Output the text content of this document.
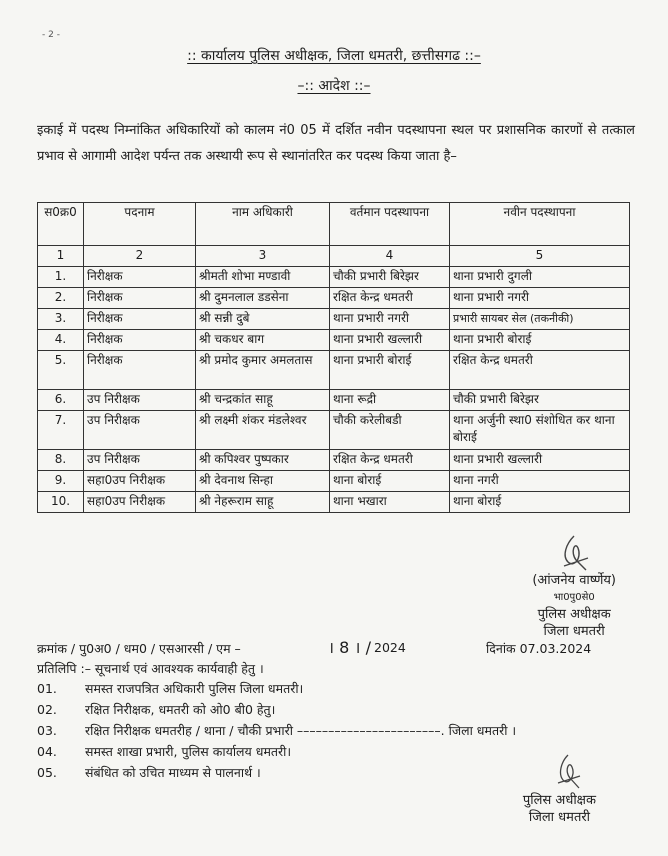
- 2 -
:: कार्यालय पुलिस अधीक्षक, जिला धमतरी, छत्तीसगढ ::–
–:: आदेश ::–
इकाई में पदस्थ निम्नांकित अधिकारियों को कालम नं0 05 में दर्शित नवीन पदस्थापना स्थल पर प्रशासनिक कारणों से तत्काल प्रभाव से आगामी आदेश पर्यन्त तक अस्थायी रूप से स्थानांतरित कर पदस्थ किया जाता है–
स0क्र0	पदनाम	नाम अधिकारी	वर्तमान पदस्थापना	नवीन पदस्थापना
1	2	3	4	5
1.	निरीक्षक	श्रीमती शोभा मण्डावी	चौकी प्रभारी बिरेझर	थाना प्रभारी दुगली
2.	निरीक्षक	श्री दुमनलाल डडसेना	रक्षित केन्द्र धमतरी	थाना प्रभारी नगरी
3.	निरीक्षक	श्री सन्नी दुबे	थाना प्रभारी नगरी	प्रभारी सायबर सेल (तकनीकी)
4.	निरीक्षक	श्री चकधर बाग	थाना प्रभारी खल्लारी	थाना प्रभारी बोराई
5.	निरीक्षक	श्री प्रमोद कुमार अमलतास	थाना प्रभारी बोराई	रक्षित केन्द्र धमतरी
6.	उप निरीक्षक	श्री चन्द्रकांत साहू	थाना रूद्री	चौकी प्रभारी बिरेझर
7.	उप निरीक्षक	श्री लक्ष्मी शंकर मंडलेश्वर	चौकी करेलीबडी	थाना अर्जुनी स्था0 संशोधित कर थाना बोराई
8.	उप निरीक्षक	श्री कपिश्वर पुष्पकार	रक्षित केन्द्र धमतरी	थाना प्रभारी खल्लारी
9.	सहा0उप निरीक्षक	श्री देवनाथ सिन्हा	थाना बोराई	थाना नगरी
10.	सहा0उप निरीक्षक	श्री नेहरूराम साहू	थाना भखारा	थाना बोराई
(आंजनेय वार्ष्णेय)
भा0पु0से0
पुलिस अधीक्षक
जिला धमतरी
क्रमांक / पु0अ0 / धम0 / एसआरसी / एम –	। 8 । / 2024	दिनांक 07.03.2024
प्रतिलिपि :– सूचनार्थ एवं आवश्यक कार्यवाही हेतु ।
01. समस्त राजपत्रित अधिकारी पुलिस जिला धमतरी।
02. रक्षित निरीक्षक, धमतरी को ओ0 बी0 हेतु।
03. रक्षित निरीक्षक धमतरीह / थाना / चौकी प्रभारी –––––––––––––––––––––––. जिला धमतरी ।
04. समस्त शाखा प्रभारी, पुलिस कार्यालय धमतरी।
05. संबंधित को उचित माध्यम से पालनार्थ ।
पुलिस अधीक्षक
जिला धमतरी
